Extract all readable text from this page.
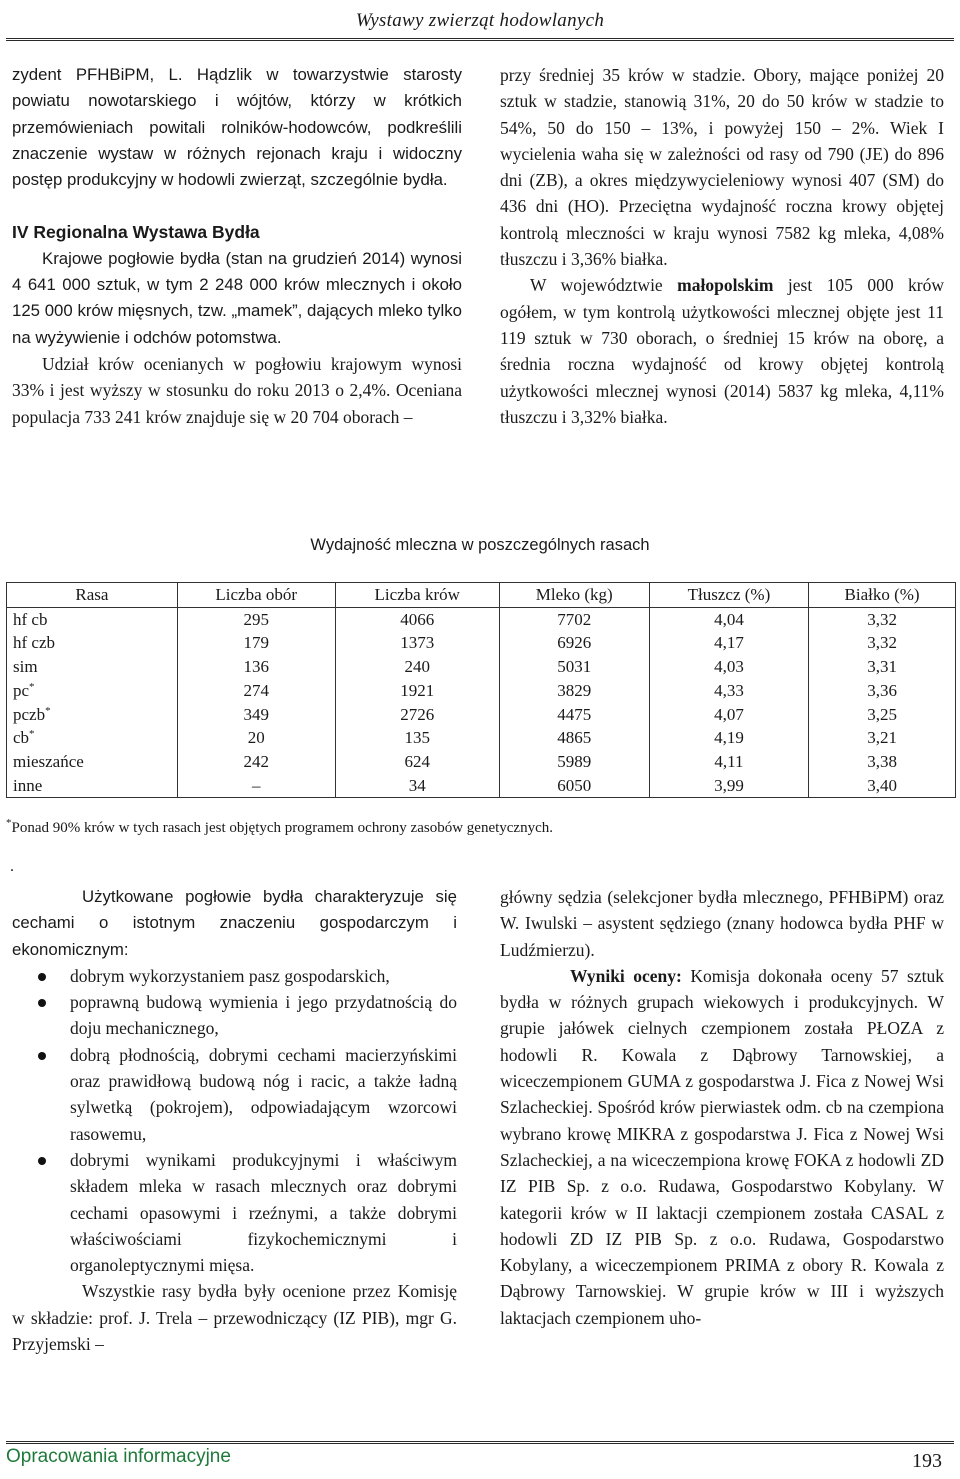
Wystawy zwierząt hodowlanych

zydent PFHBiPM, L. Hądzlik w towarzystwie starosty powiatu nowotarskiego i wójtów, którzy w krótkich przemówieniach powitali rolników-hodowców, podkreślili znaczenie wystaw w różnych rejonach kraju i widoczny postęp produkcyjny w hodowli zwierząt, szczególnie bydła.

IV Regionalna Wystawa Bydła

Krajowe pogłowie bydła (stan na grudzień 2014) wynosi 4 641 000 sztuk, w tym 2 248 000 krów mlecznych i około 125 000 krów mięsnych, tzw. „mamek”, dających mleko tylko na wyżywienie i odchów potomstwa.

Udział krów ocenianych w pogłowiu krajowym wynosi 33% i jest wyższy w stosunku do roku 2013 o 2,4%. Oceniana populacja 733 241 krów znajduje się w 20 704 oborach –

przy średniej 35 krów w stadzie. Obory, mające poniżej 20 sztuk w stadzie, stanowią 31%, 20 do 50 krów w stadzie to 54%, 50 do 150 – 13%, i powyżej 150 – 2%. Wiek I wycielenia waha się w zależności od rasy od 790 (JE) do 896 dni (ZB), a okres międzywycieleniowy wynosi 407 (SM) do 436 dni (HO). Przeciętna wydajność roczna krowy objętej kontrolą mleczności w kraju wynosi 7582 kg mleka, 4,08% tłuszczu i 3,36% białka.

W województwie małopolskim jest 105 000 krów ogółem, w tym kontrolą użytkowości mlecznej objęte jest 11 119 sztuk w 730 oborach, o średniej 15 krów na oborę, a średnia roczna wydajność od krowy objętej kontrolą użytkowości mlecznej wynosi (2014) 5837 kg mleka, 4,11% tłuszczu i 3,32% białka.

Wydajność mleczna w poszczególnych rasach
Rasa	Liczba obór	Liczba krów	Mleko (kg)	Tłuszcz (%)	Białko (%)
hf cb	295	4066	7702	4,04	3,32
hf czb	179	1373	6926	4,17	3,32
sim	136	240	5031	4,03	3,31
pc*	274	1921	3829	4,33	3,36
pczb*	349	2726	4475	4,07	3,25
cb*	20	135	4865	4,19	3,21
mieszańce	242	624	5989	4,11	3,38
inne	–	34	6050	3,99	3,40
*Ponad 90% krów w tych rasach jest objętych programem ochrony zasobów genetycznych.
.

Użytkowane pogłowie bydła charakteryzuje się cechami o istotnym znaczeniu gospodarczym i ekonomicznym:

dobrym wykorzystaniem pasz gospodarskich,
poprawną budową wymienia i jego przydatnością do doju mechanicznego,
dobrą płodnością, dobrymi cechami macierzyńskimi oraz prawidłową budową nóg i racic, a także ładną sylwetką (pokrojem), odpowiadającym wzorcowi rasowemu,
dobrymi wynikami produkcyjnymi i właściwym składem mleka w rasach mlecznych oraz dobrymi cechami opasowymi i rzeźnymi, a także dobrymi właściwościami fizykochemicznymi i organoleptycznymi mięsa.

Wszystkie rasy bydła były ocenione przez Komisję w składzie: prof. J. Trela – przewodniczący (IZ PIB), mgr G. Przyjemski –

główny sędzia (selekcjoner bydła mlecznego, PFHBiPM) oraz W. Iwulski – asystent sędziego (znany hodowca bydła PHF w Ludźmierzu).

Wyniki oceny: Komisja dokonała oceny 57 sztuk bydła w różnych grupach wiekowych i produkcyjnych. W grupie jałówek cielnych czempionem została PŁOZA z hodowli R. Kowala z Dąbrowy Tarnowskiej, a wiceczempionem GUMA z gospodarstwa J. Fica z Nowej Wsi Szlacheckiej. Spośród krów pierwiastek odm. cb na czempiona wybrano krowę MIKRA z gospodarstwa J. Fica z Nowej Wsi Szlacheckiej, a na wiceczempiona krowę FOKA z hodowli ZD IZ PIB Sp. z o.o. Rudawa, Gospodarstwo Kobylany. W kategorii krów w II laktacji czempionem została CASAL z hodowli ZD IZ PIB Sp. z o.o. Rudawa, Gospodarstwo Kobylany, a wiceczempionem PRIMA z obory R. Kowala z Dąbrowy Tarnowskiej. W grupie krów w III i wyższych laktacjach czempionem uho-

Opracowania informacyjne	193
